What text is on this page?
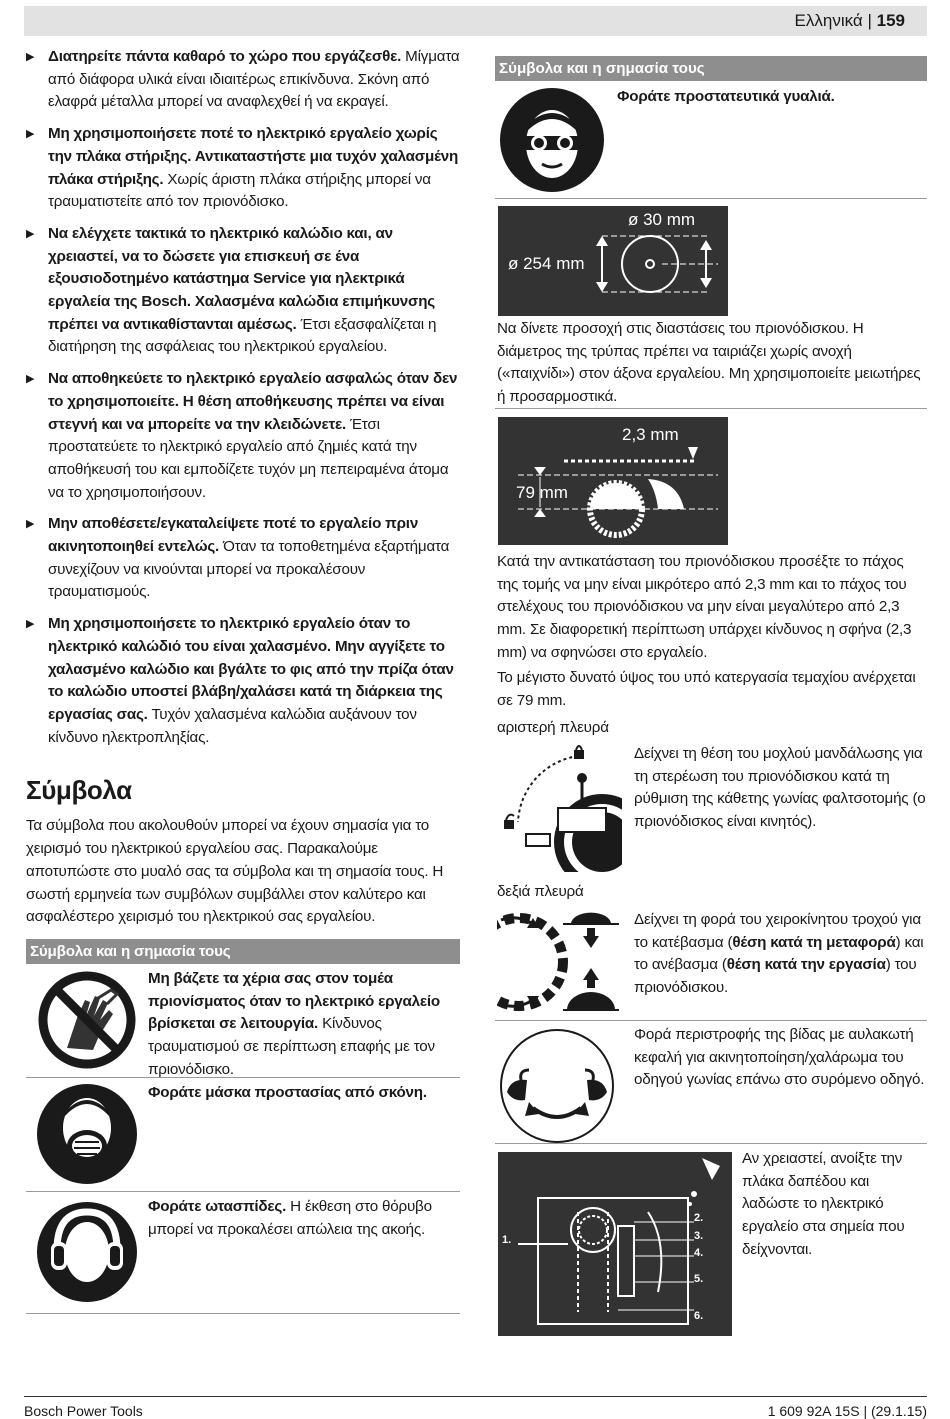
Ελληνικά | 159
▶ Διατηρείτε πάντα καθαρό το χώρο που εργάζεσθε. Μίγματα από διάφορα υλικά είναι ιδιαιτέρως επικίνδυνα. Σκόνη από ελαφρά μέταλλα μπορεί να αναφλεχθεί ή να εκραγεί.
▶ Μη χρησιμοποιήσετε ποτέ το ηλεκτρικό εργαλείο χωρίς την πλάκα στήριξης. Αντικαταστήστε μια τυχόν χαλασμένη πλάκα στήριξης. Χωρίς άριστη πλάκα στήριξης μπορεί να τραυματιστείτε από τον πριονόδισκο.
▶ Να ελέγχετε τακτικά το ηλεκτρικό καλώδιο και, αν χρειαστεί, να το δώσετε για επισκευή σε ένα εξουσιοδοτημένο κατάστημα Service για ηλεκτρικά εργαλεία της Bosch. Χαλασμένα καλώδια επιμήκυνσης πρέπει να αντικαθίστανται αμέσως. Έτσι εξασφαλίζεται η διατήρηση της ασφάλειας του ηλεκτρικού εργαλείου.
▶ Να αποθηκεύετε το ηλεκτρικό εργαλείο ασφαλώς όταν δεν το χρησιμοποιείτε. Η θέση αποθήκευσης πρέπει να είναι στεγνή και να μπορείτε να την κλειδώνετε. Έτσι προστατεύετε το ηλεκτρικό εργαλείο από ζημιές κατά την αποθήκευσή του και εμποδίζετε τυχόν μη πεπειραμένα άτομα να το χρησιμοποιήσουν.
▶ Μην αποθέσετε/εγκαταλείψετε ποτέ το εργαλείο πριν ακινητοποιηθεί εντελώς. Όταν τα τοποθετημένα εξαρτήματα συνεχίζουν να κινούνται μπορεί να προκαλέσουν τραυματισμούς.
▶ Μη χρησιμοποιήσετε το ηλεκτρικό εργαλείο όταν το ηλεκτρικό καλώδιό του είναι χαλασμένο. Μην αγγίξετε το χαλασμένο καλώδιο και βγάλτε το φις από την πρίζα όταν το καλώδιο υποστεί βλάβη/χαλάσει κατά τη διάρκεια της εργασίας σας. Τυχόν χαλασμένα καλώδια αυξάνουν τον κίνδυνο ηλεκτροπληξίας.
Σύμβολα

Τα σύμβολα που ακολουθούν μπορεί να έχουν σημασία για το χειρισμό του ηλεκτρικού εργαλείου σας. Παρακαλούμε αποτυπώστε στο μυαλό σας τα σύμβολα και τη σημασία τους. Η σωστή ερμηνεία των συμβόλων συμβάλλει στον καλύτερο και ασφαλέστερο χειρισμό του ηλεκτρικού σας εργαλείου.

Σύμβολα και η σημασία τους
Μη βάζετε τα χέρια σας στον τομέα πριονίσματος όταν το ηλεκτρικό εργαλείο βρίσκεται σε λειτουργία. Κίνδυνος τραυματισμού σε περίπτωση επαφής με τον πριονόδισκο.
Φοράτε μάσκα προστασίας από σκόνη.
Φοράτε ωτασπίδες. Η έκθεση στο θόρυβο μπορεί να προκαλέσει απώλεια της ακοής.
Σύμβολα και η σημασία τους
Φοράτε προστατευτικά γυαλιά.
ø 30 mm
ø 254 mm
Να δίνετε προσοχή στις διαστάσεις του πριονόδισκου. Η διάμετρος της τρύπας πρέπει να ταιριάζει χωρίς ανοχή («παιχνίδι») στον άξονα εργαλείου. Μη χρησιμοποιείτε μειωτήρες ή προσαρμοστικά.
2,3 mm
79 mm
Κατά την αντικατάσταση του πριονόδισκου προσέξτε το πάχος της τομής να μην είναι μικρότερο από 2,3 mm και το πάχος του στελέχους του πριονόδισκου να μην είναι μεγαλύτερο από 2,3 mm. Σε διαφορετική περίπτωση υπάρχει κίνδυνος η σφήνα (2,3 mm) να σφηνώσει στο εργαλείο.
Το μέγιστο δυνατό ύψος του υπό κατεργασία τεμαχίου ανέρχεται σε 79 mm.
αριστερή πλευρά
Δείχνει τη θέση του μοχλού μανδάλωσης για τη στερέωση του πριονόδισκου κατά τη ρύθμιση της κάθετης γωνίας φαλτσοτομής (ο πριονόδισκος είναι κινητός).
δεξιά πλευρά
Δείχνει τη φορά του χειροκίνητου τροχού για το κατέβασμα (θέση κατά τη μεταφορά) και το ανέβασμα (θέση κατά την εργασία) του πριονόδισκου.
Φορά περιστροφής της βίδας με αυλακωτή κεφαλή για ακινητοποίηση/χαλάρωμα του οδηγού γωνίας επάνω στο συρόμενο οδηγό.
1.
2.
3.
4.
5.
6.
Αν χρειαστεί, ανοίξτε την πλάκα δαπέδου και λαδώστε το ηλεκτρικό εργαλείο στα σημεία που δείχνονται.
Bosch Power Tools	1 609 92A 15S | (29.1.15)
